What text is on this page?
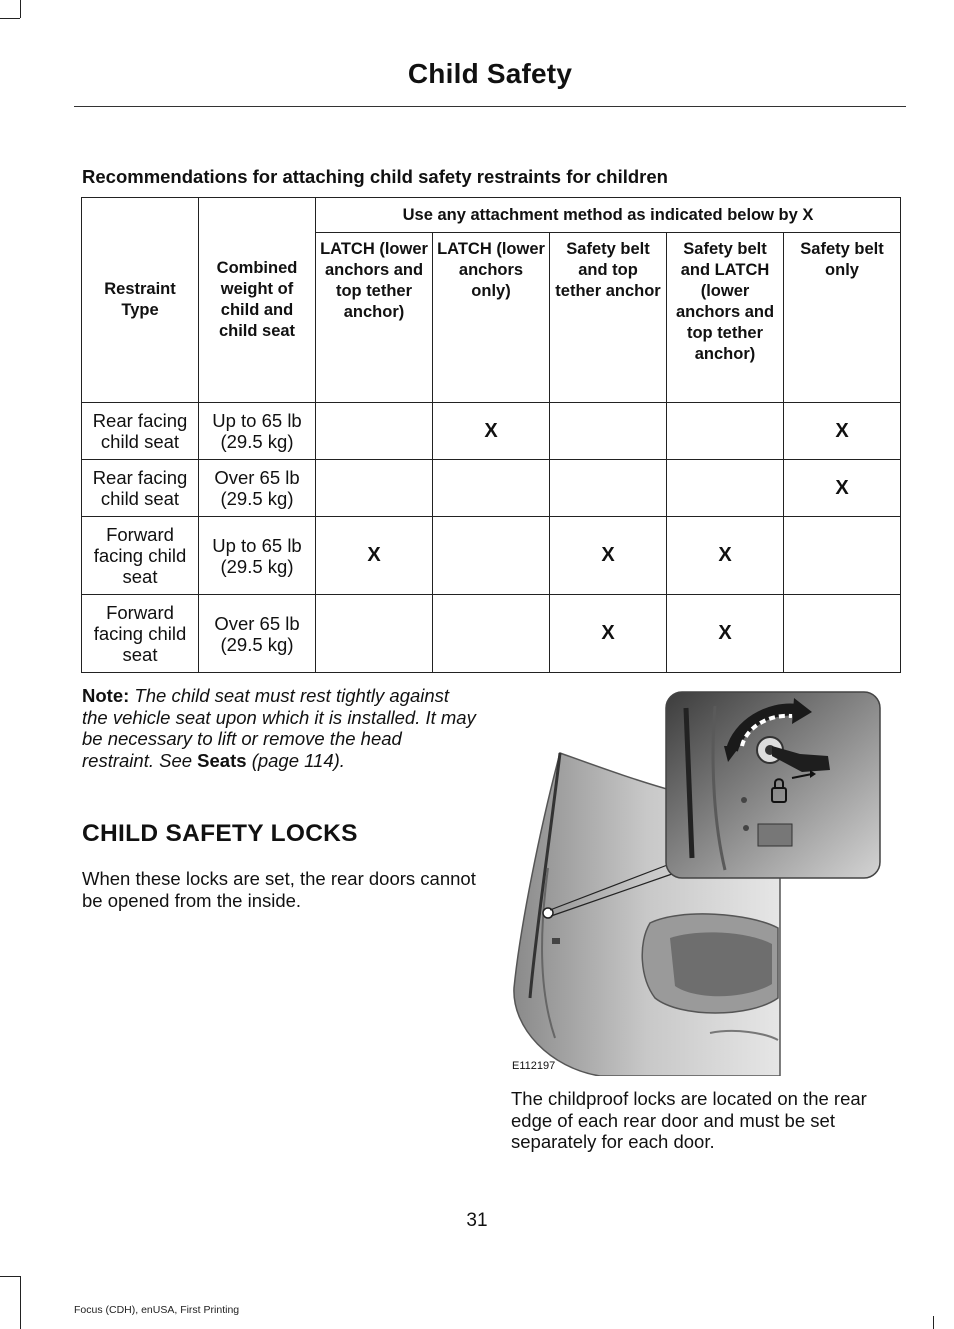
Child Safety
Recommendations for attaching child safety restraints for children
Restraint Type	Combined weight of child and child seat	Use any attachment method as indicated below by X				
		LATCH (lower anchors and top tether anchor)	LATCH (lower anchors only)	Safety belt and top tether anchor	Safety belt and LATCH (lower anchors and top tether anchor)	Safety belt only
Rear facing child seat	Up to 65 lb (29.5 kg)		X			X
Rear facing child seat	Over 65 lb (29.5 kg)					X
Forward facing child seat	Up to 65 lb (29.5 kg)	X		X	X	
Forward facing child seat	Over 65 lb (29.5 kg)			X	X	
Note: The child seat must rest tightly against the vehicle seat upon which it is installed. It may be necessary to lift or remove the head restraint. See Seats (page 114).
CHILD SAFETY LOCKS
When these locks are set, the rear doors cannot be opened from the inside.
E112197
The childproof locks are located on the rear edge of each rear door and must be set separately for each door.
31
Focus (CDH), enUSA, First Printing
